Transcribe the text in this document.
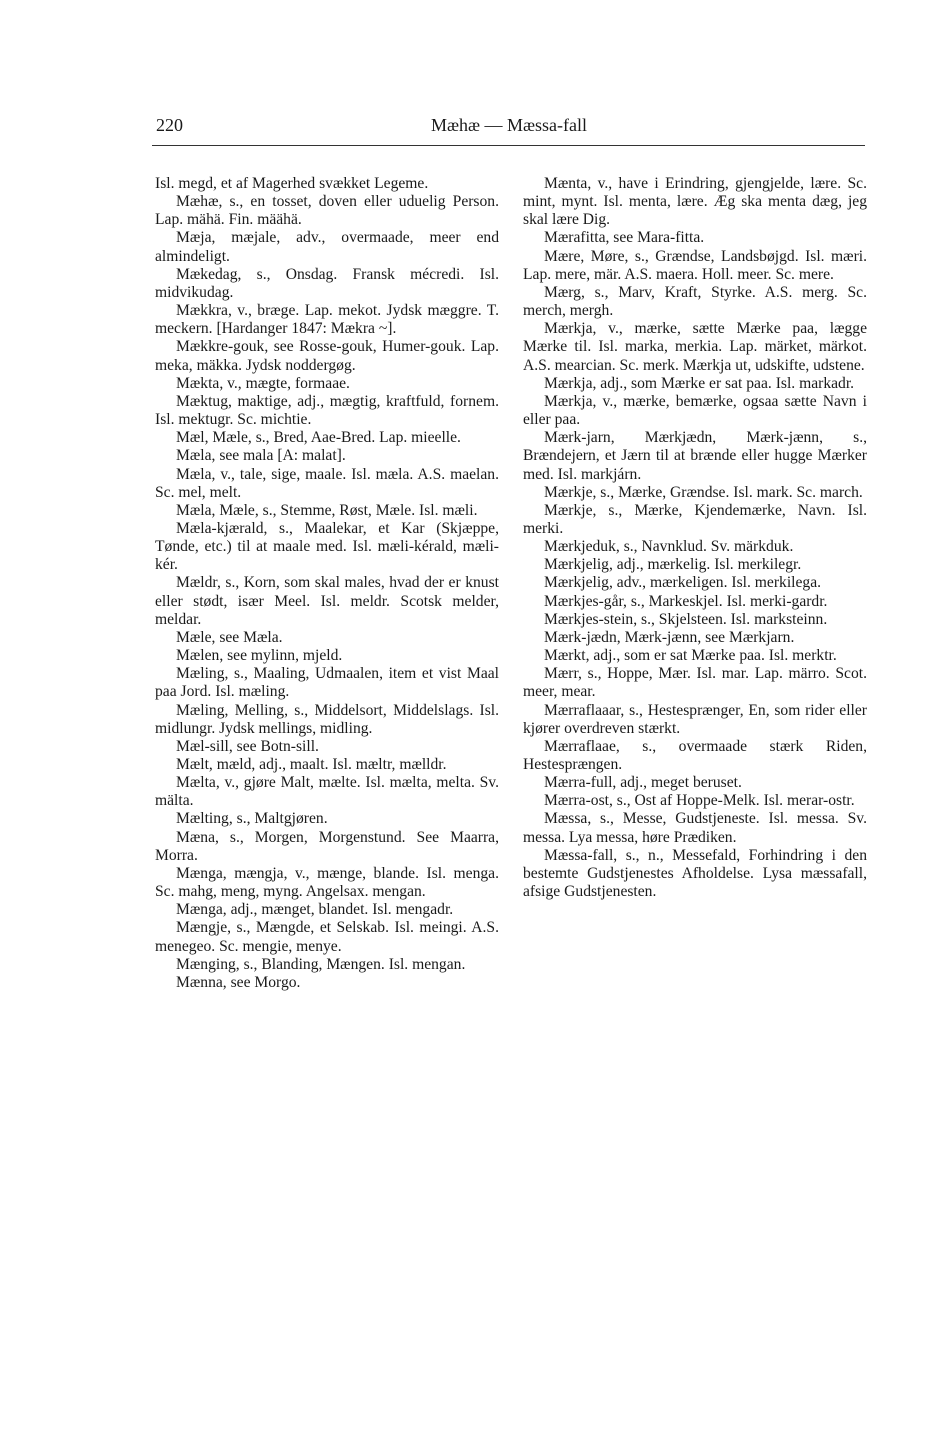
220	Mæhæ — Mæssa-fall

Isl. megd, et af Magerhed svækket Legeme.

Mæhæ, s., en tosset, doven eller uduelig Person. Lap. mähä. Fin. määhä.

Mæja, mæjale, adv., overmaade, meer end almindeligt.

Mækedag, s., Onsdag. Fransk mécredi. Isl. midvikudag.

Mækkra, v., bræge. Lap. mekot. Jydsk mæggre. T. meckern. [Hardanger 1847: Mækra ~].

Mækkre-gouk, see Rosse-gouk, Humer-gouk. Lap. meka, mäkka. Jydsk noddergøg.

Mækta, v., mægte, formaae.

Mæktug, maktige, adj., mægtig, kraftfuld, fornem. Isl. mektugr. Sc. michtie.

Mæl, Mæle, s., Bred, Aae-Bred. Lap. mieelle.

Mæla, see mala [A: malat].

Mæla, v., tale, sige, maale. Isl. mæla. A.S. maelan. Sc. mel, melt.

Mæla, Mæle, s., Stemme, Røst, Mæle. Isl. mæli.

Mæla-kjærald, s., Maalekar, et Kar (Skjæppe, Tønde, etc.) til at maale med. Isl. mæli-kérald, mæli-kér.

Mældr, s., Korn, som skal males, hvad der er knust eller stødt, især Meel. Isl. meldr. Scotsk melder, meldar.

Mæle, see Mæla.

Mælen, see mylinn, mjeld.

Mæling, s., Maaling, Udmaalen, item et vist Maal paa Jord. Isl. mæling.

Mæling, Melling, s., Middelsort, Middelslags. Isl. midlungr. Jydsk mellings, midling.

Mæl-sill, see Botn-sill.

Mælt, mæld, adj., maalt. Isl. mæltr, mælldr.

Mælta, v., gjøre Malt, mælte. Isl. mælta, melta. Sv. mälta.

Mælting, s., Maltgjøren.

Mæna, s., Morgen, Morgenstund. See Maarra, Morra.

Mænga, mængja, v., mænge, blande. Isl. menga. Sc. mahg, meng, myng. Angelsax. mengan.

Mænga, adj., mænget, blandet. Isl. mengadr.

Mængje, s., Mængde, et Selskab. Isl. meingi. A.S. menegeo. Sc. mengie, menye.

Mænging, s., Blanding, Mængen. Isl. mengan.

Mænna, see Morgo.

Mænta, v., have i Erindring, gjengjelde, lære. Sc. mint, mynt. Isl. menta, lære. Æg ska menta dæg, jeg skal lære Dig.

Mærafitta, see Mara-fitta.

Mære, Møre, s., Grændse, Landsbøjgd. Isl. mæri. Lap. mere, mär. A.S. maera. Holl. meer. Sc. mere.

Mærg, s., Marv, Kraft, Styrke. A.S. merg. Sc. merch, mergh.

Mærkja, v., mærke, sætte Mærke paa, lægge Mærke til. Isl. marka, merkia. Lap. märket, märkot. A.S. mearcian. Sc. merk. Mærkja ut, udskifte, udstene.

Mærkja, adj., som Mærke er sat paa. Isl. markadr.

Mærkja, v., mærke, bemærke, ogsaa sætte Navn i eller paa.

Mærk-jarn, Mærkjædn, Mærk-jænn, s., Brændejern, et Jærn til at brænde eller hugge Mærker med. Isl. markjárn.

Mærkje, s., Mærke, Grændse. Isl. mark. Sc. march.

Mærkje, s., Mærke, Kjendemærke, Navn. Isl. merki.

Mærkjeduk, s., Navnklud. Sv. märkduk.

Mærkjelig, adj., mærkelig. Isl. merkilegr.

Mærkjelig, adv., mærkeligen. Isl. merkilega.

Mærkjes-går, s., Markeskjel. Isl. merki-gardr.

Mærkjes-stein, s., Skjelsteen. Isl. marksteinn.

Mærk-jædn, Mærk-jænn, see Mærkjarn.

Mærkt, adj., som er sat Mærke paa. Isl. merktr.

Mærr, s., Hoppe, Mær. Isl. mar. Lap. märro. Scot. meer, mear.

Mærraflaaar, s., Hestesprænger, En, som rider eller kjører overdreven stærkt.

Mærraflaae, s., overmaade stærk Riden, Hestesprængen.

Mærra-full, adj., meget beruset.

Mærra-ost, s., Ost af Hoppe-Melk. Isl. merar-ostr.

Mæssa, s., Messe, Gudstjeneste. Isl. messa. Sv. messa. Lya messa, høre Prædiken.

Mæssa-fall, s., n., Messefald, Forhindring i den bestemte Gudstjenestes Afholdelse. Lysa mæssafall, afsige Gudstjenesten.
